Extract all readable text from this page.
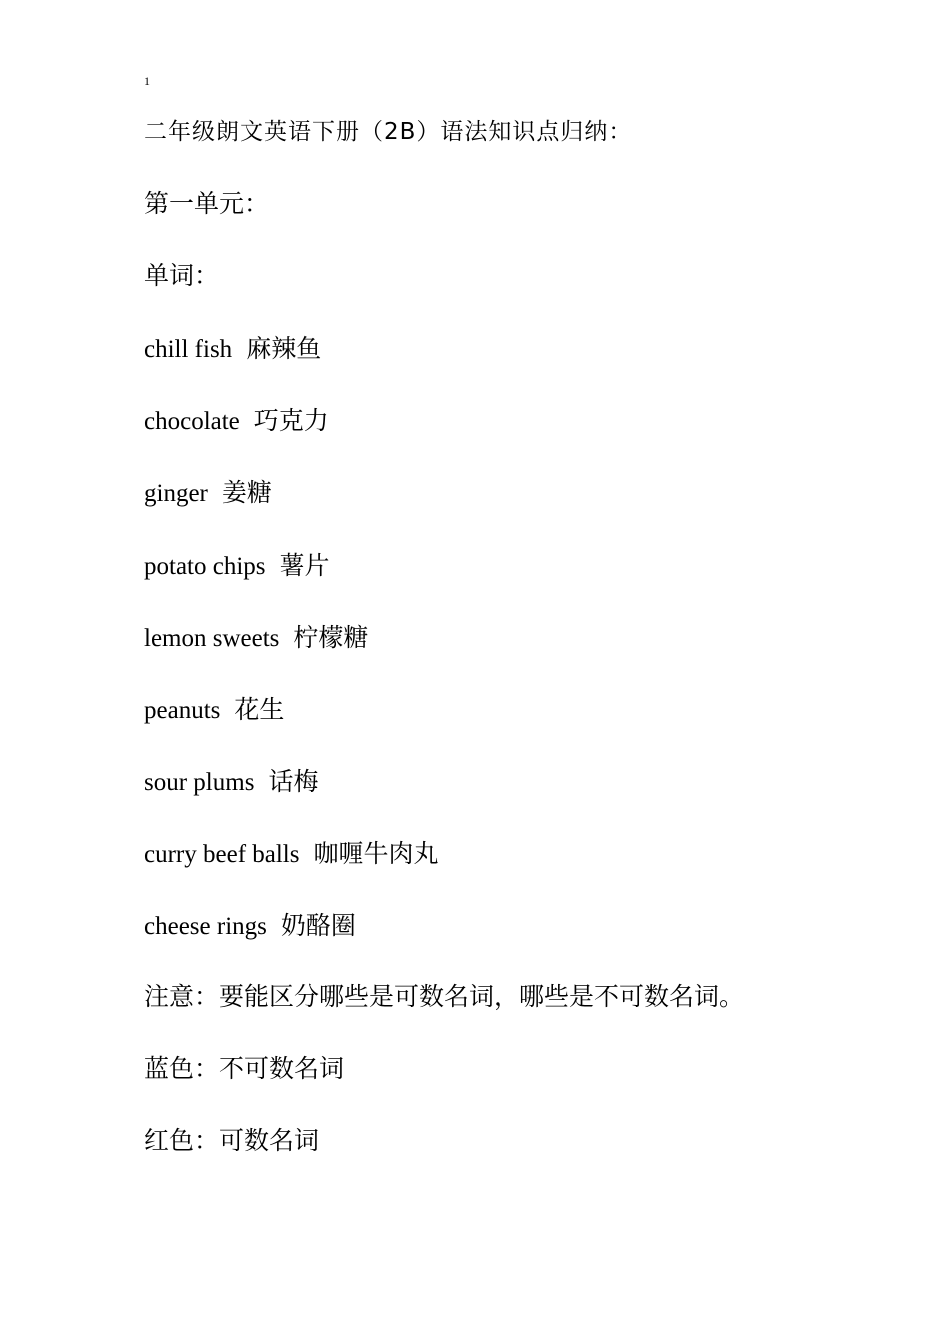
1
二年级朗文英语下册（2B）语法知识点归纳：
第一单元：
单词：
chill fish 麻辣鱼
chocolate 巧克力
ginger 姜糖
potato chips 薯片
lemon sweets 柠檬糖
peanuts 花生
sour plums 话梅
curry beef balls 咖喱牛肉丸
cheese rings 奶酪圈
注意：要能区分哪些是可数名词，哪些是不可数名词。
蓝色：不可数名词
红色：可数名词
